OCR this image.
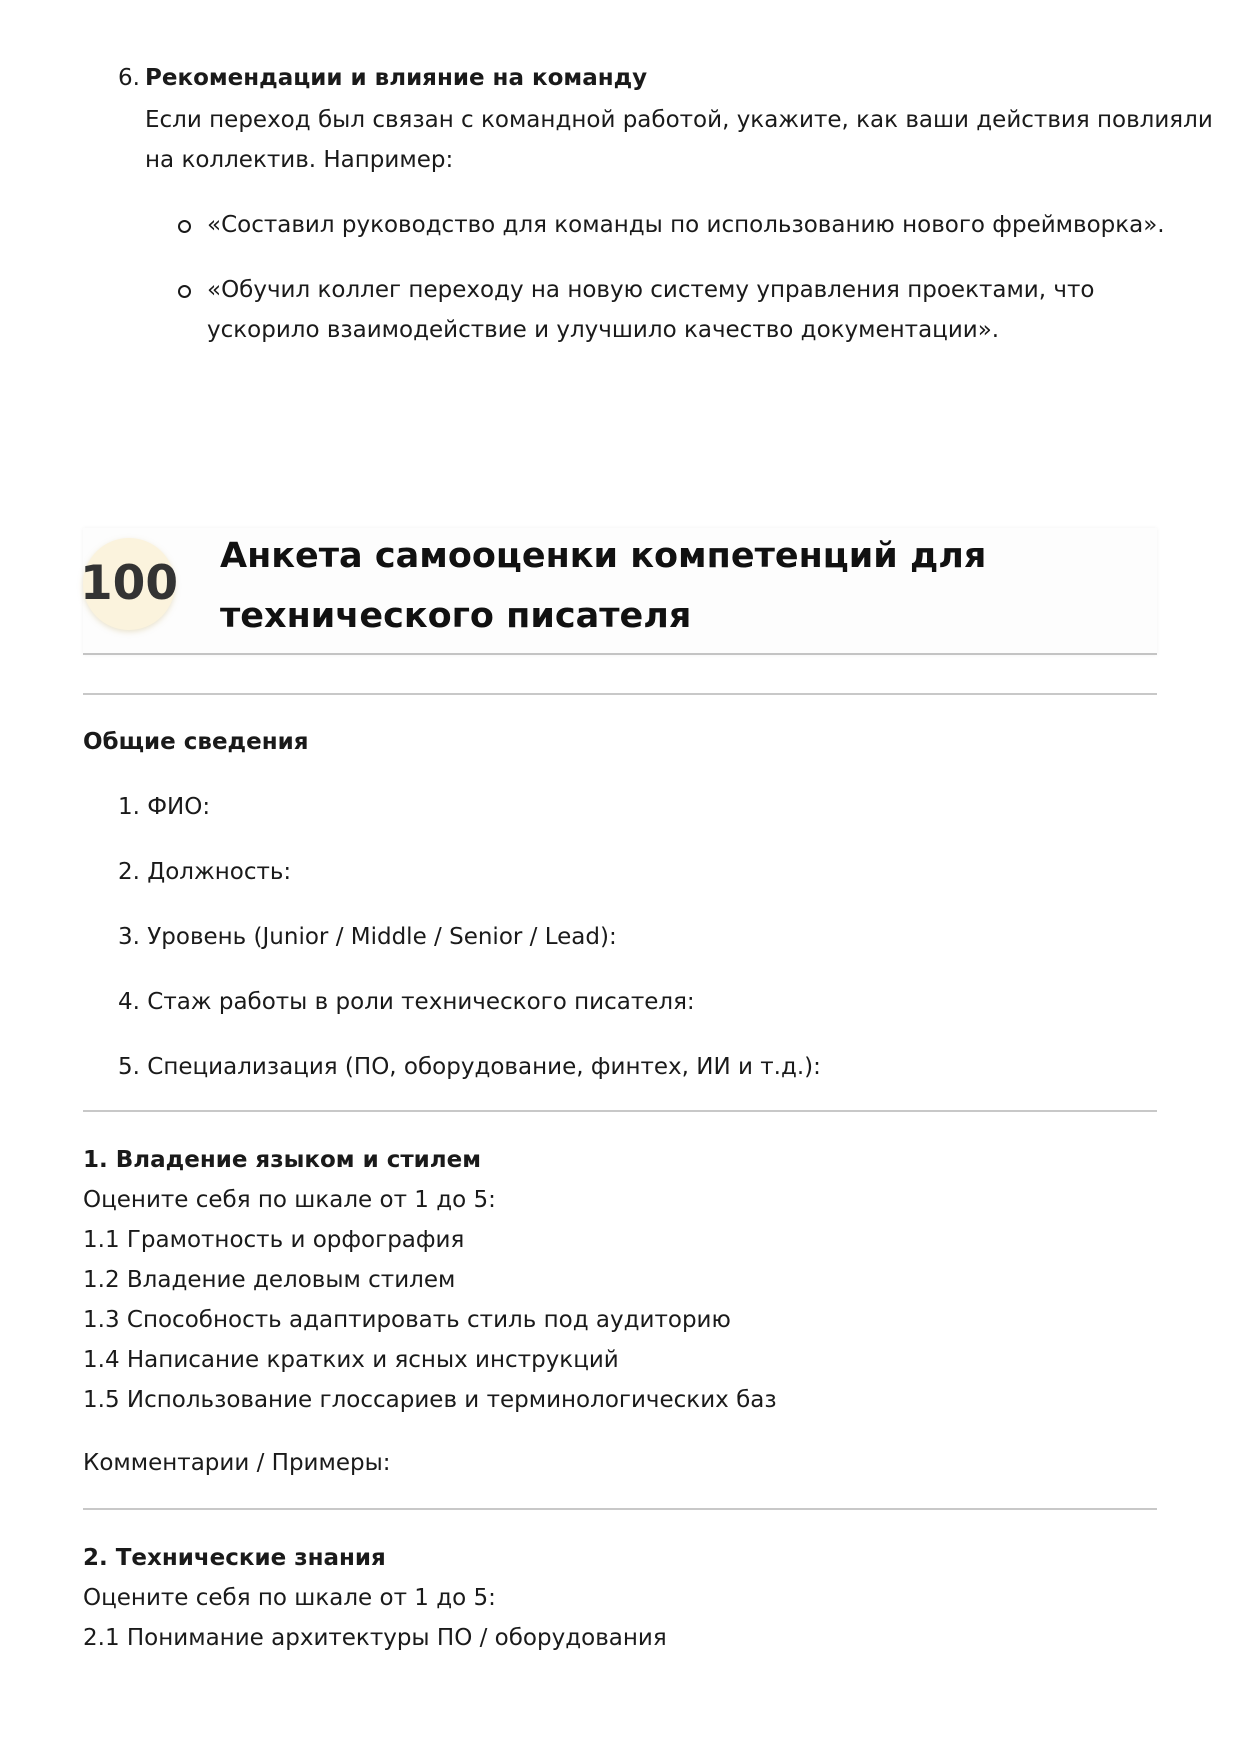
6. Рекомендации и влияние на команду
Если переход был связан с командной работой, укажите, как ваши действия повлияли
на коллектив. Например:
«Составил руководство для команды по использованию нового фреймворка».
«Обучил коллег переходу на новую систему управления проектами, что
ускорило взаимодействие и улучшило качество документации».
100 Анкета самооценки компетенций для
технического писателя
Общие сведения
1. ФИО:
2. Должность:
3. Уровень (Junior / Middle / Senior / Lead):
4. Стаж работы в роли технического писателя:
5. Специализация (ПО, оборудование, финтех, ИИ и т.д.):
1. Владение языком и стилем
Оцените себя по шкале от 1 до 5:
1.1 Грамотность и орфография
1.2 Владение деловым стилем
1.3 Способность адаптировать стиль под аудиторию
1.4 Написание кратких и ясных инструкций
1.5 Использование глоссариев и терминологических баз
Комментарии / Примеры:
2. Технические знания
Оцените себя по шкале от 1 до 5:
2.1 Понимание архитектуры ПО / оборудования
